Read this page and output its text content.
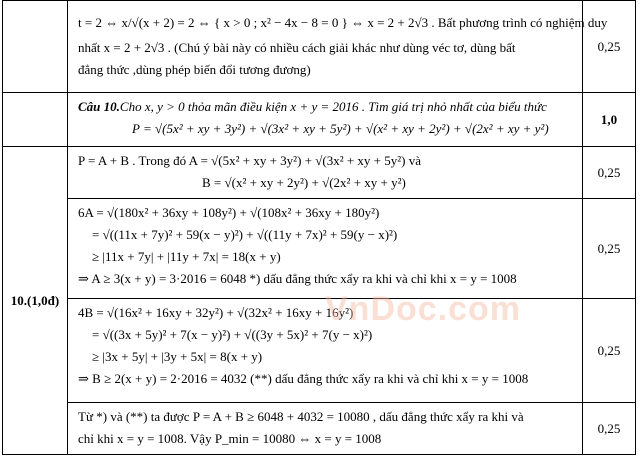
	t = 2 ⇔ x/√(x + 2) = 2 ⇔ { x > 0 ; x² − 4x − 8 = 0 } ⇔ x = 2 + 2√3 . Bất phương trình có nghiệm duy
nhất x = 2 + 2√3 . (Chú ý bài này có nhiều cách giải khác như dùng véc tơ, dùng bất
đẳng thức ,dùng phép biến đổi tương đương)	0,25

	Câu 10.Cho x, y > 0 thỏa mãn điều kiện x + y = 2016 . Tìm giá trị nhỏ nhất của biểu thức
P = √(5x² + xy + 3y²) + √(3x² + xy + 5y²) + √(x² + xy + 2y²) + √(2x² + xy + y²)	1,0
10.(1,0đ)	P = A + B . Trong đó A = √(5x² + xy + 3y²) + √(3x² + xy + 5y²) và
B = √(x² + xy + 2y²) + √(2x² + xy + y²)	0,25

	6A = √(180x² + 36xy + 108y²) + √(108x² + 36xy + 180y²)
= √((11x + 7y)² + 59(x − y)²) + √((11y + 7x)² + 59(y − x)²)
≥ |11x + 7y| + |11y + 7x| = 18(x + y)
⇒ A ≥ 3(x + y) = 3·2016 = 6048 *) dấu đẳng thức xẩy ra khi và chỉ khi x = y = 1008	0,25

	4B = √(16x² + 16xy + 32y²) + √(32x² + 16xy + 16y²)
= √((3x + 5y)² + 7(x − y)²) + √((3y + 5x)² + 7(y − x)²)
≥ |3x + 5y| + |3y + 5x| = 8(x + y)
⇒ B ≥ 2(x + y) = 2·2016 = 4032 (**) dấu đẳng thức xẩy ra khi và chỉ khi x = y = 1008	0,25

	Từ *) và (**) ta được P = A + B ≥ 6048 + 4032 = 10080 , dấu đẳng thức xẩy ra khi và
chỉ khi x = y = 1008. Vậy P_min = 10080 ⇔ x = y = 1008	0,25
VnDoc.com
